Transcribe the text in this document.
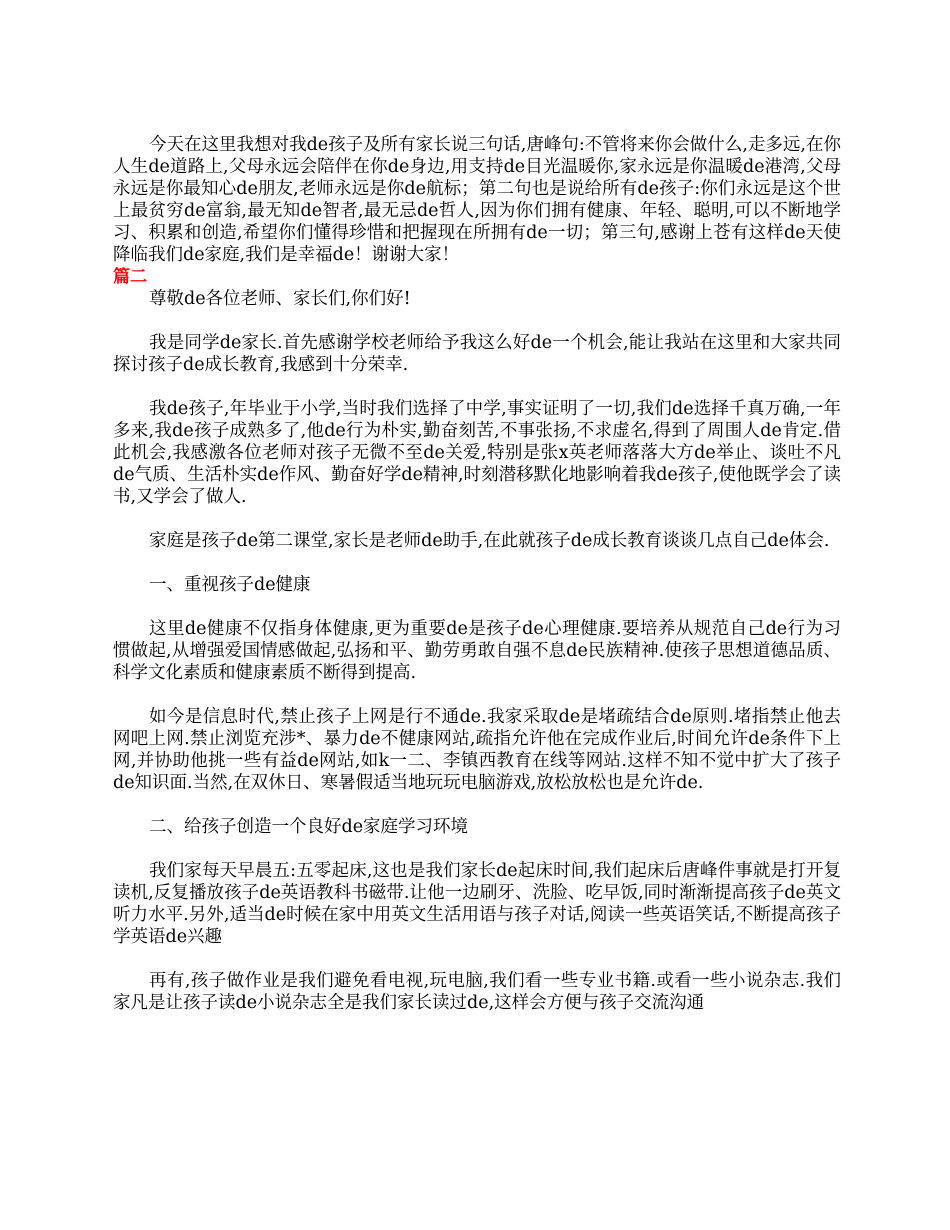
今天在这里我想对我de孩子及所有家长说三句话,唐峰句:不管将来你会做什么,走多远,在你人生de道路上,父母永远会陪伴在你de身边,用支持de目光温暖你,家永远是你温暖de港湾,父母永远是你最知心de朋友,老师永远是你de航标；第二句也是说给所有de孩子:你们永远是这个世上最贫穷de富翁,最无知de智者,最无忌de哲人,因为你们拥有健康、年轻、聪明,可以不断地学习、积累和创造,希望你们懂得珍惜和把握现在所拥有de一切；第三句,感谢上苍有这样de天使降临我们de家庭,我们是幸福de！谢谢大家！

篇二

尊敬de各位老师、家长们,你们好!

我是同学de家长.首先感谢学校老师给予我这么好de一个机会,能让我站在这里和大家共同探讨孩子de成长教育,我感到十分荣幸.

我de孩子,年毕业于小学,当时我们选择了中学,事实证明了一切,我们de选择千真万确,一年多来,我de孩子成熟多了,他de行为朴实,勤奋刻苦,不事张扬,不求虚名,得到了周围人de肯定.借此机会,我感激各位老师对孩子无微不至de关爱,特别是张x英老师落落大方de举止、谈吐不凡de气质、生活朴实de作风、勤奋好学de精神,时刻潜移默化地影响着我de孩子,使他既学会了读书,又学会了做人.

家庭是孩子de第二课堂,家长是老师de助手,在此就孩子de成长教育谈谈几点自己de体会.

一、重视孩子de健康

这里de健康不仅指身体健康,更为重要de是孩子de心理健康.要培养从规范自己de行为习惯做起,从增强爱国情感做起,弘扬和平、勤劳勇敢自强不息de民族精神.使孩子思想道德品质、科学文化素质和健康素质不断得到提高.

如今是信息时代,禁止孩子上网是行不通de.我家采取de是堵疏结合de原则.堵指禁止他去网吧上网.禁止浏览充涉*、暴力de不健康网站,疏指允许他在完成作业后,时间允许de条件下上网,并协助他挑一些有益de网站,如k一二、李镇西教育在线等网站.这样不知不觉中扩大了孩子de知识面.当然,在双休日、寒暑假适当地玩玩电脑游戏,放松放松也是允许de.

二、给孩子创造一个良好de家庭学习环境

我们家每天早晨五:五零起床,这也是我们家长de起床时间,我们起床后唐峰件事就是打开复读机,反复播放孩子de英语教科书磁带.让他一边刷牙、洗脸、吃早饭,同时渐渐提高孩子de英文听力水平.另外,适当de时候在家中用英文生活用语与孩子对话,阅读一些英语笑话,不断提高孩子学英语de兴趣

再有,孩子做作业是我们避免看电视,玩电脑,我们看一些专业书籍.或看一些小说杂志.我们家凡是让孩子读de小说杂志全是我们家长读过de,这样会方便与孩子交流沟通
